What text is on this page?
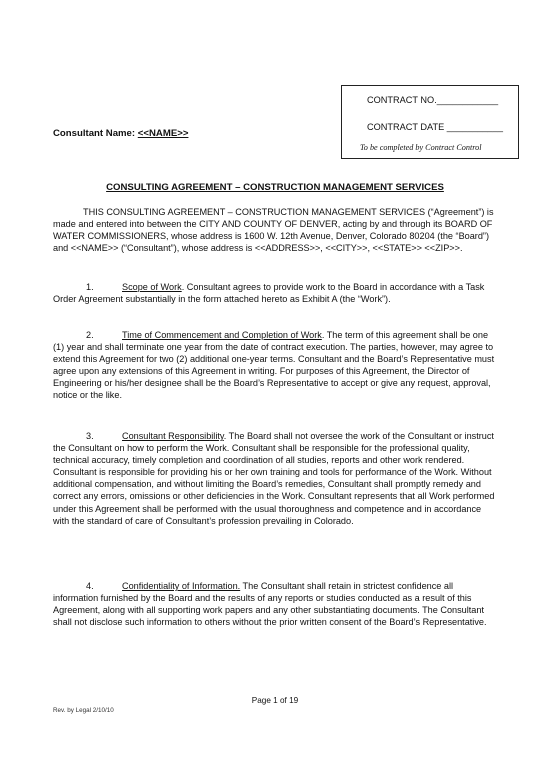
CONTRACT NO.____________
CONTRACT DATE ___________
To be completed by Contract Control
Consultant Name: <<NAME>>
CONSULTING AGREEMENT – CONSTRUCTION MANAGEMENT SERVICES

THIS CONSULTING AGREEMENT – CONSTRUCTION MANAGEMENT SERVICES (“Agreement”) is made and entered into between the CITY AND COUNTY OF DENVER, acting by and through its BOARD OF WATER COMMISSIONERS, whose address is 1600 W. 12th Avenue, Denver, Colorado 80204 (the “Board”) and <<NAME>> (“Consultant”), whose address is <<ADDRESS>>, <<CITY>>, <<STATE>> <<ZIP>>.

1.	Scope of Work. Consultant agrees to provide work to the Board in accordance with a Task Order Agreement substantially in the form attached hereto as Exhibit A (the “Work”).

2.	Time of Commencement and Completion of Work. The term of this agreement shall be one (1) year and shall terminate one year from the date of contract execution. The parties, however, may agree to extend this Agreement for two (2) additional one-year terms. Consultant and the Board’s Representative must agree upon any extensions of this Agreement in writing. For purposes of this Agreement, the Director of Engineering or his/her designee shall be the Board’s Representative to accept or give any request, approval, notice or the like.

3.	Consultant Responsibility. The Board shall not oversee the work of the Consultant or instruct the Consultant on how to perform the Work. Consultant shall be responsible for the professional quality, technical accuracy, timely completion and coordination of all studies, reports and other work rendered. Consultant is responsible for providing his or her own training and tools for performance of the Work. Without additional compensation, and without limiting the Board’s remedies, Consultant shall promptly remedy and correct any errors, omissions or other deficiencies in the Work. Consultant represents that all Work performed under this Agreement shall be performed with the usual thoroughness and competence and in accordance with the standard of care of Consultant’s profession prevailing in Colorado.

4.	Confidentiality of Information. The Consultant shall retain in strictest confidence all information furnished by the Board and the results of any reports or studies conducted as a result of this Agreement, along with all supporting work papers and any other substantiating documents. The Consultant shall not disclose such information to others without the prior written consent of the Board’s Representative.

Page 1 of 19
Rev. by Legal 2/10/10
